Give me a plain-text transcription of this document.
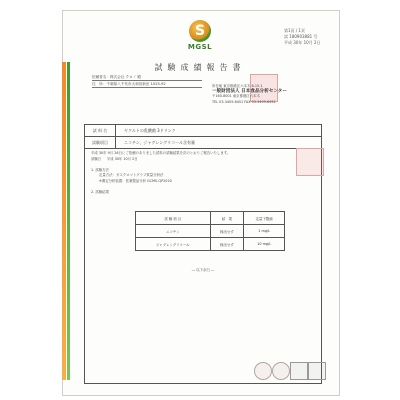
S
MGSL
第1頁 / 1頁
試 180903881 号
平成 30年 10月 2日
試験成績報告書
依頼者名：株式会社 クロノ 殿
住　所：千葉県八千代市大和田新田 1025-92	所在地 東京都港区六本木 6-15-1
一般財団法人 日本食品分析センター
〒160-8001 東京都港区六本木
TEL 03-3409-6451 FAX 03-3409-6452
試 料 名	ヤクルトの乳酸菌 3ドリンク
試験項目	ニコチン、ジャグレングリコール含有量
平成 30年 9月 26日にご依頼のありました試料の試験結果を次のとおりご報告いたします。
試験日 　 平成 30年 10月 2日
1. 試験方法
定量方法：ガスクロマトグラフ質量分析法
※測定分析装置：医薬製品分析 GCMS-QP2020
2. 試験結果
試 験 項 目	結　果	定量下限値
ニコチン	検出せず	1 mg/L
ジャグレングリコール	検出せず	10 mg/L
― 以下余白 ―
